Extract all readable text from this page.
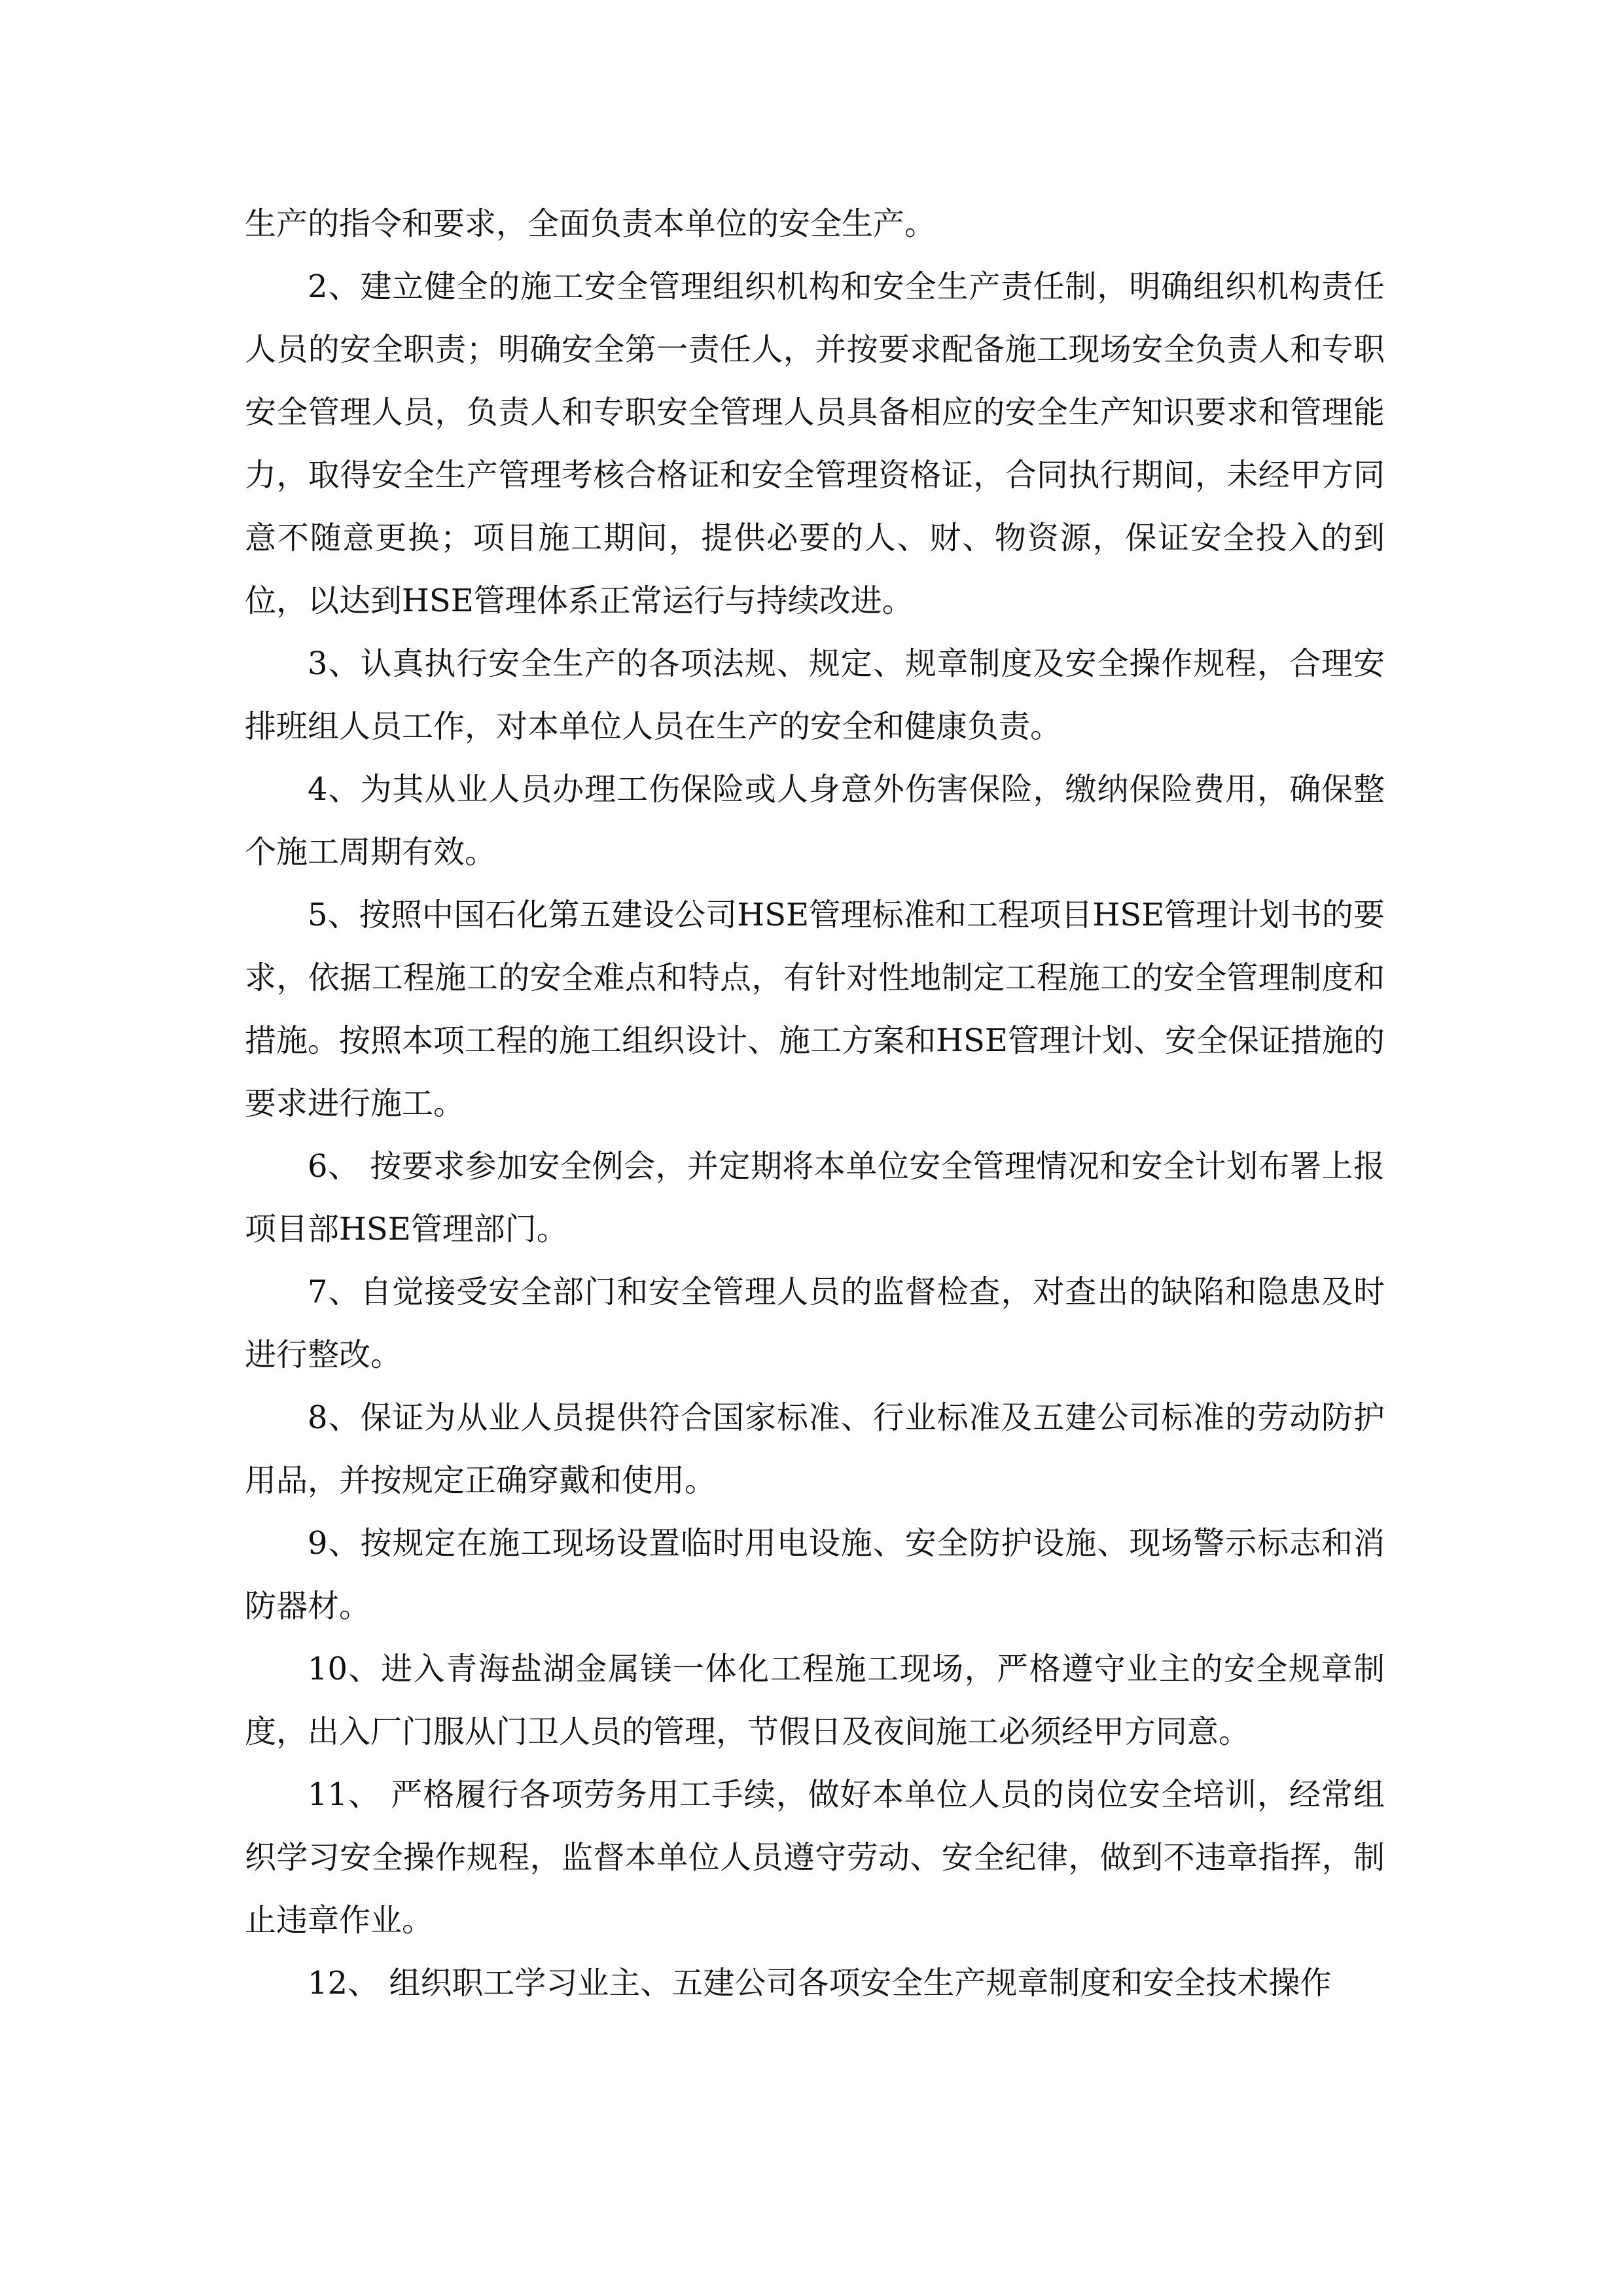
生产的指令和要求，全面负责本单位的安全生产。

2、建立健全的施工安全管理组织机构和安全生产责任制，明确组织机构责任人员的安全职责；明确安全第一责任人，并按要求配备施工现场安全负责人和专职安全管理人员，负责人和专职安全管理人员具备相应的安全生产知识要求和管理能力，取得安全生产管理考核合格证和安全管理资格证，合同执行期间，未经甲方同意不随意更换；项目施工期间，提供必要的人、财、物资源，保证安全投入的到位，以达到HSE管理体系正常运行与持续改进。

3、认真执行安全生产的各项法规、规定、规章制度及安全操作规程，合理安排班组人员工作，对本单位人员在生产的安全和健康负责。

4、为其从业人员办理工伤保险或人身意外伤害保险，缴纳保险费用，确保整个施工周期有效。

5、按照中国石化第五建设公司HSE管理标准和工程项目HSE管理计划书的要求，依据工程施工的安全难点和特点，有针对性地制定工程施工的安全管理制度和措施。按照本项工程的施工组织设计、施工方案和HSE管理计划、安全保证措施的要求进行施工。

6、 按要求参加安全例会，并定期将本单位安全管理情况和安全计划布署上报项目部HSE管理部门。

7、自觉接受安全部门和安全管理人员的监督检查，对查出的缺陷和隐患及时进行整改。

8、保证为从业人员提供符合国家标准、行业标准及五建公司标准的劳动防护用品，并按规定正确穿戴和使用。

9、按规定在施工现场设置临时用电设施、安全防护设施、现场警示标志和消防器材。

10、进入青海盐湖金属镁一体化工程施工现场，严格遵守业主的安全规章制度，出入厂门服从门卫人员的管理，节假日及夜间施工必须经甲方同意。

11、 严格履行各项劳务用工手续，做好本单位人员的岗位安全培训，经常组织学习安全操作规程，监督本单位人员遵守劳动、安全纪律，做到不违章指挥，制止违章作业。

12、 组织职工学习业主、五建公司各项安全生产规章制度和安全技术操作
